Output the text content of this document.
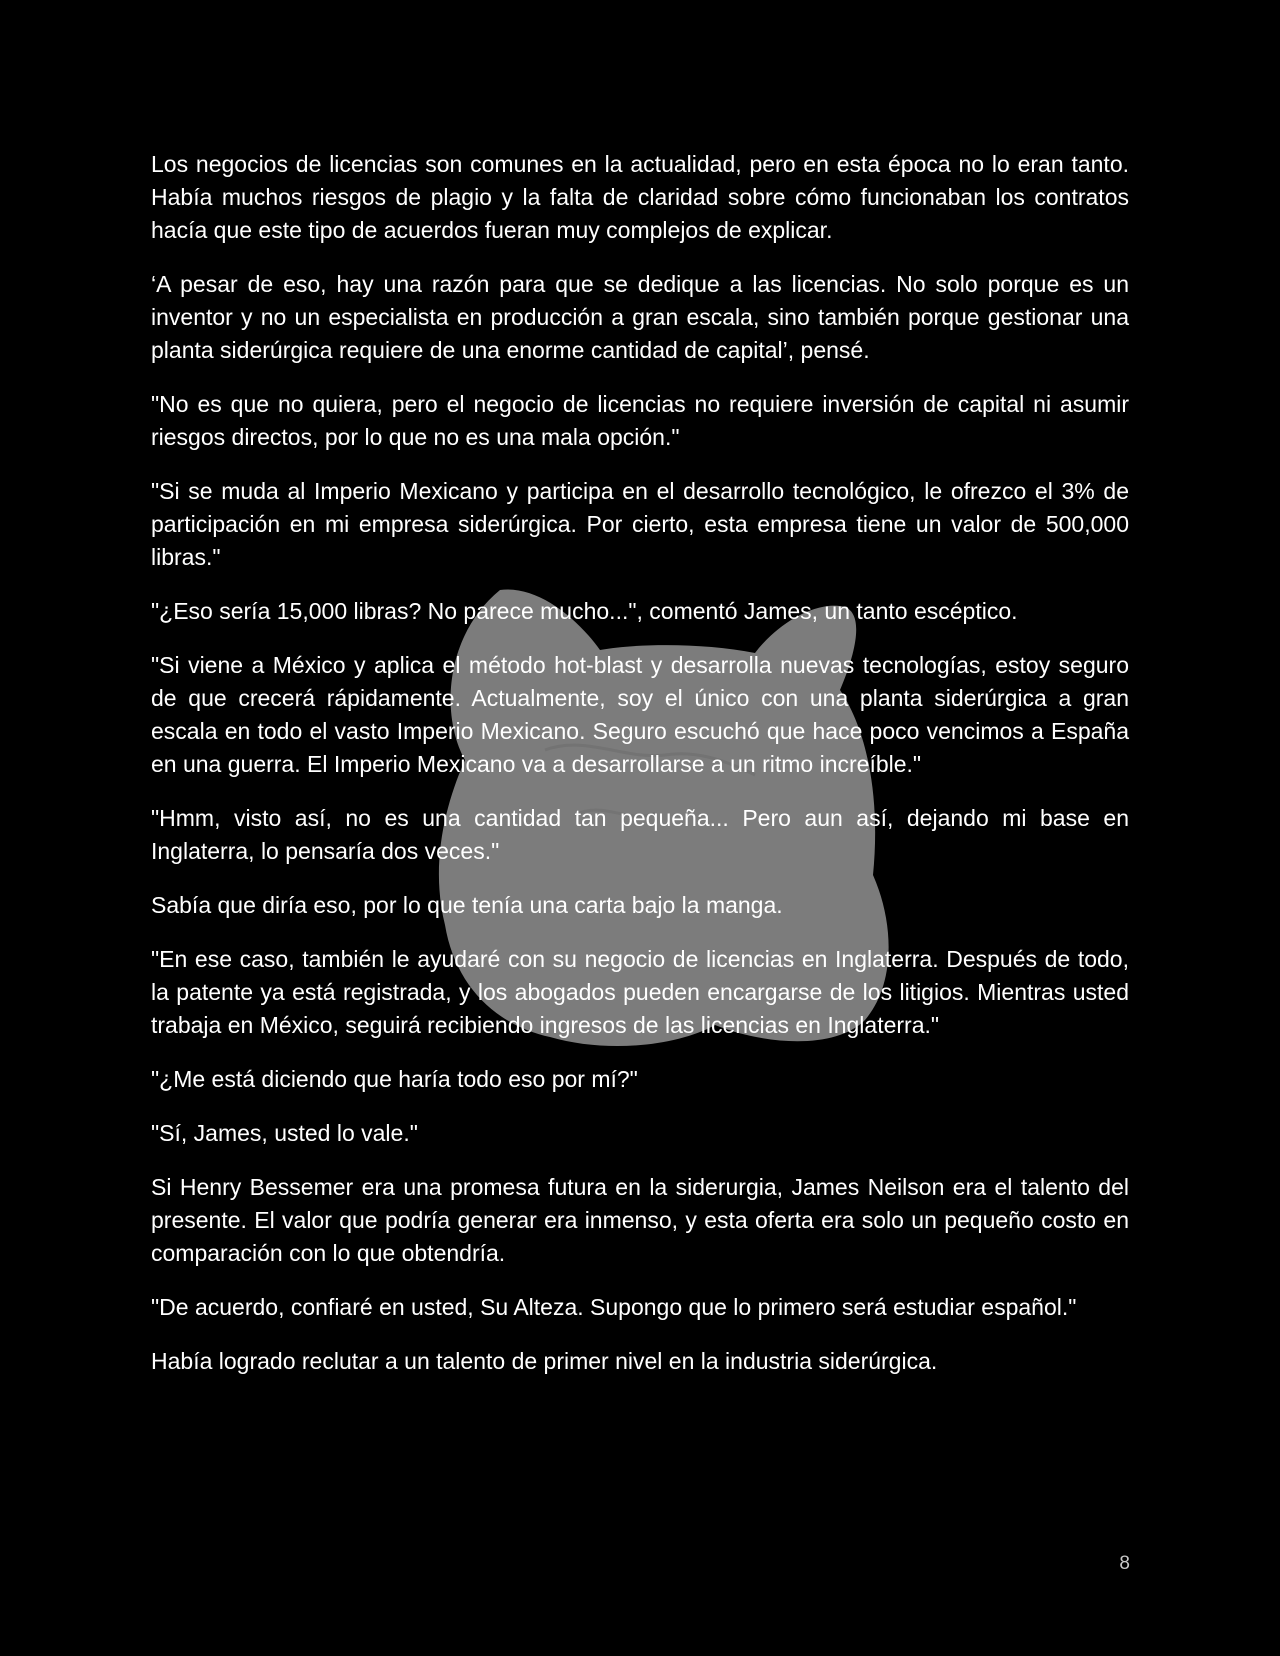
Los negocios de licencias son comunes en la actualidad, pero en esta época no lo eran tanto. Había muchos riesgos de plagio y la falta de claridad sobre cómo funcionaban los contratos hacía que este tipo de acuerdos fueran muy complejos de explicar.

‘A pesar de eso, hay una razón para que se dedique a las licencias. No solo porque es un inventor y no un especialista en producción a gran escala, sino también porque gestionar una planta siderúrgica requiere de una enorme cantidad de capital’, pensé.

"No es que no quiera, pero el negocio de licencias no requiere inversión de capital ni asumir riesgos directos, por lo que no es una mala opción."

"Si se muda al Imperio Mexicano y participa en el desarrollo tecnológico, le ofrezco el 3% de participación en mi empresa siderúrgica. Por cierto, esta empresa tiene un valor de 500,000 libras."

"¿Eso sería 15,000 libras? No parece mucho...", comentó James, un tanto escéptico.

"Si viene a México y aplica el método hot-blast y desarrolla nuevas tecnologías, estoy seguro de que crecerá rápidamente. Actualmente, soy el único con una planta siderúrgica a gran escala en todo el vasto Imperio Mexicano. Seguro escuchó que hace poco vencimos a España en una guerra. El Imperio Mexicano va a desarrollarse a un ritmo increíble."

"Hmm, visto así, no es una cantidad tan pequeña... Pero aun así, dejando mi base en Inglaterra, lo pensaría dos veces."

Sabía que diría eso, por lo que tenía una carta bajo la manga.

"En ese caso, también le ayudaré con su negocio de licencias en Inglaterra. Después de todo, la patente ya está registrada, y los abogados pueden encargarse de los litigios. Mientras usted trabaja en México, seguirá recibiendo ingresos de las licencias en Inglaterra."

"¿Me está diciendo que haría todo eso por mí?"

"Sí, James, usted lo vale."

Si Henry Bessemer era una promesa futura en la siderurgia, James Neilson era el talento del presente. El valor que podría generar era inmenso, y esta oferta era solo un pequeño costo en comparación con lo que obtendría.

"De acuerdo, confiaré en usted, Su Alteza. Supongo que lo primero será estudiar español."

Había logrado reclutar a un talento de primer nivel en la industria siderúrgica.

8
